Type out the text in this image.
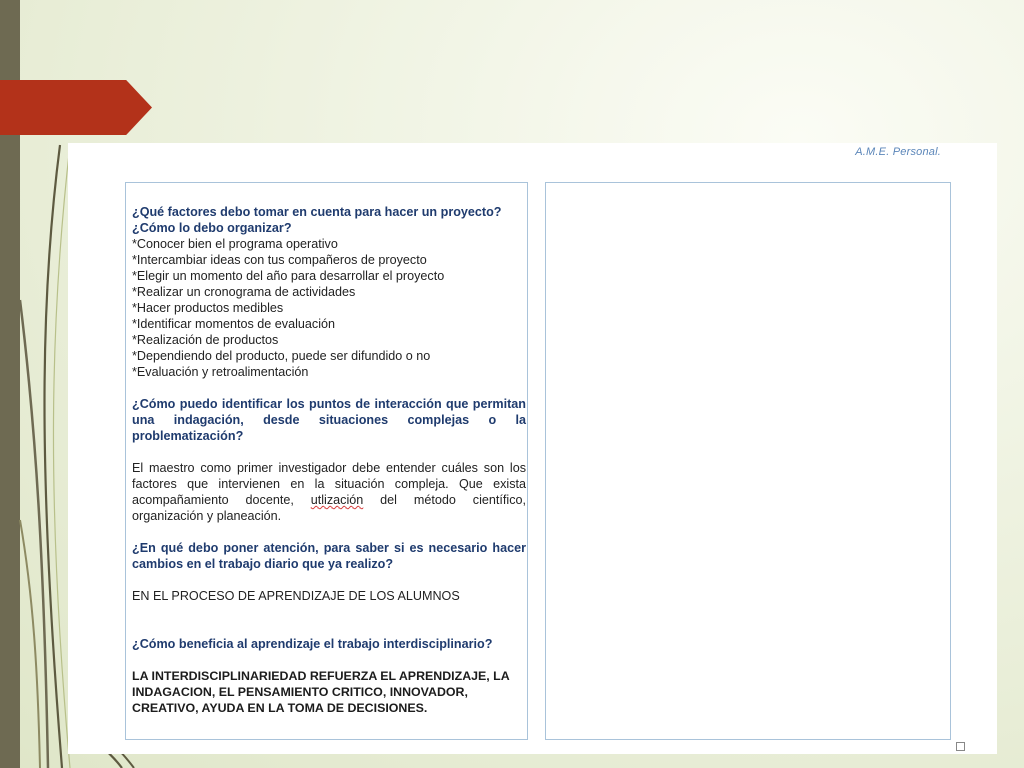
A.M.E. Personal.
¿Qué factores debo tomar en cuenta para hacer un proyecto? ¿Cómo lo debo organizar?
*Conocer bien el programa operativo
*Intercambiar ideas con tus compañeros de proyecto
*Elegir un momento del año para desarrollar el proyecto
*Realizar un cronograma de actividades
*Hacer productos medibles
*Identificar momentos de evaluación
*Realización de productos
*Dependiendo del producto, puede ser difundido o no
*Evaluación y retroalimentación
¿Cómo puedo identificar los puntos de interacción que permitan una indagación, desde situaciones complejas o la problematización?
El maestro como primer investigador debe entender cuáles son los factores que intervienen en la situación compleja. Que exista acompañamiento docente, utlización del método científico, organización y planeación.
¿En qué debo poner atención, para saber si es necesario hacer cambios en el trabajo diario que ya realizo?
EN EL PROCESO DE APRENDIZAJE DE LOS ALUMNOS
¿Cómo beneficia al aprendizaje el trabajo interdisciplinario?
LA INTERDISCIPLINARIEDAD REFUERZA EL APRENDIZAJE, LA INDAGACION, EL PENSAMIENTO CRITICO, INNOVADOR, CREATIVO, AYUDA EN LA TOMA DE DECISIONES.
